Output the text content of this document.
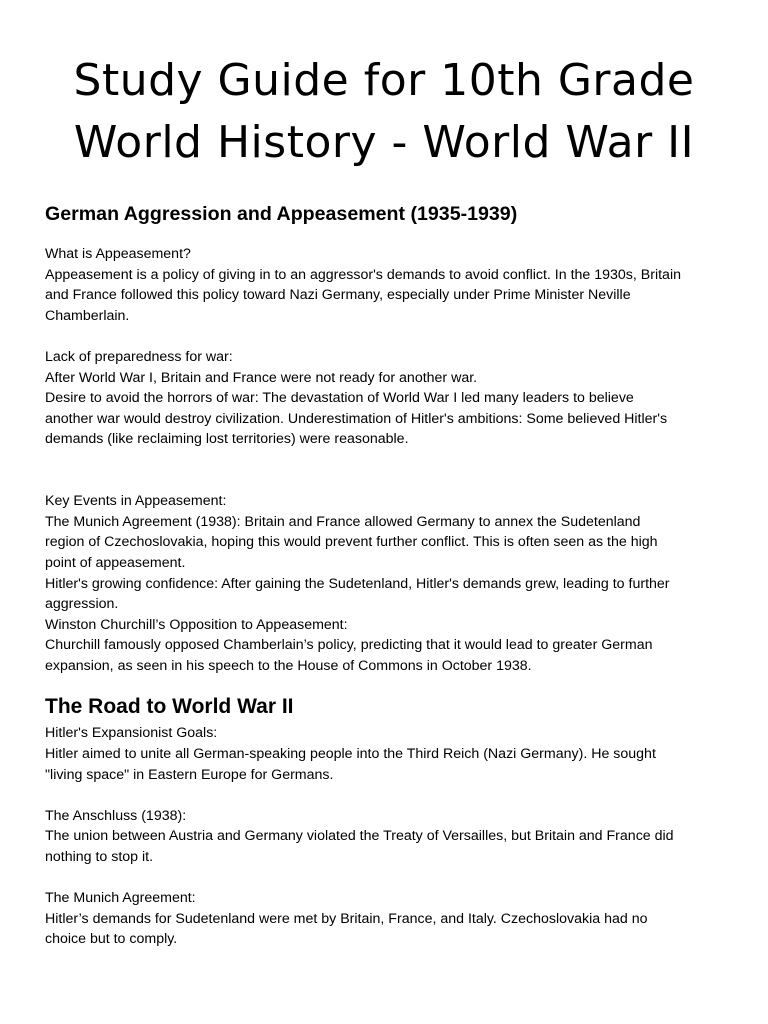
Study Guide for 10th Grade
World History - World War II
German Aggression and Appeasement (1935-1939)

What is Appeasement?
Appeasement is a policy of giving in to an aggressor's demands to avoid conflict. In the 1930s, Britain
and France followed this policy toward Nazi Germany, especially under Prime Minister Neville
Chamberlain.

Lack of preparedness for war:
After World War I, Britain and France were not ready for another war.
Desire to avoid the horrors of war: The devastation of World War I led many leaders to believe
another war would destroy civilization. Underestimation of Hitler's ambitions: Some believed Hitler's
demands (like reclaiming lost territories) were reasonable.

Key Events in Appeasement:
The Munich Agreement (1938): Britain and France allowed Germany to annex the Sudetenland
region of Czechoslovakia, hoping this would prevent further conflict. This is often seen as the high
point of appeasement.
Hitler's growing confidence: After gaining the Sudetenland, Hitler's demands grew, leading to further
aggression.
Winston Churchill’s Opposition to Appeasement:
Churchill famously opposed Chamberlain’s policy, predicting that it would lead to greater German
expansion, as seen in his speech to the House of Commons in October 1938.

The Road to World War II

Hitler's Expansionist Goals:
Hitler aimed to unite all German-speaking people into the Third Reich (Nazi Germany). He sought
"living space" in Eastern Europe for Germans.

The Anschluss (1938):
The union between Austria and Germany violated the Treaty of Versailles, but Britain and France did
nothing to stop it.

The Munich Agreement:
Hitler’s demands for Sudetenland were met by Britain, France, and Italy. Czechoslovakia had no
choice but to comply.
